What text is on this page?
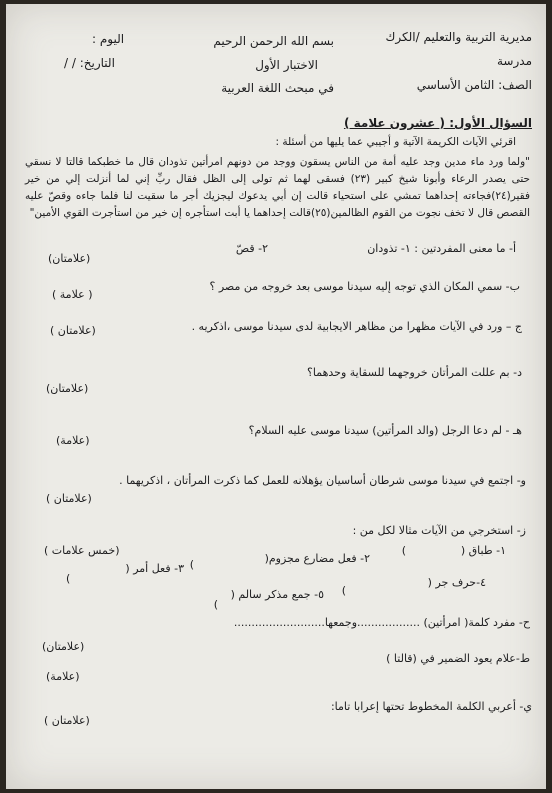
مديرية التربية والتعليم /الكرك
مدرسة
الصف: الثامن الأساسي
بسم الله الرحمن الرحيم
الاختبار الأول
في مبحث اللغة العربية
اليوم :
التاريخ: / /
السؤال الأول: ( عشرون علامة )
اقرئي الآيات الكريمة الآتية و أجيبي عما يليها من أسئلة :
"ولما ورد ماء مدين وجد عليه أمة من الناس يسقون ووجد من دونهم امرأتين تذودان قال ما خطبكما قالتا لا نسقي حتى يصدر الرعاء وأبونا شيخ كبير (٢٣) فسقى لهما ثم تولى إلى الظل فقال ربِّ إني لما أنزلت إلي من خير فقير(٢٤)فجاءته إحداهما تمشي على استحياء قالت إن أبي يدعوك ليجزيك أجر ما سقيت لنا فلما جاءه وقصّ عليه القصص قال لا تخف نجوت من القوم الظالمين(٢٥)قالت إحداهما يا أبت استأجره إن خير من استأجرت القوي الأمين"
أ- ما معنى المفردتين : ١- تذودان
٢- قصّ
(علامتان)
ب- سمي المكان الذي توجه إليه سيدنا موسى بعد خروجه من مصر ؟
( علامة )
ج – ورد في الآيات مظهرا من مظاهر الايجابية لدى سيدنا موسى ،اذكريه .
(علامتان )
د- بم عللت المرأتان خروجهما للسقاية وحدهما؟
(علامتان)
هـ - لم دعا الرجل (والد المرأتين) سيدنا موسى عليه السلام؟
(علامة)
و- اجتمع في سيدنا موسى شرطان أساسيان يؤهلانه للعمل كما ذكرت المرأتان ، اذكريهما .
(علامتان )
ز- استخرجي من الآيات مثالا لكل من :
(خمس علامات )	١- طباق (
)
٢- فعل مضارع مجزوم(
)
٣- فعل أمر (
)	٤-حرف جر (
)
٥- جمع مذكر سالم (
)
ح- مفرد كلمة( امرأتين) ..................وجمعها..........................
(علامتان)
ط-علام يعود الضمير في (قالتا )
(علامة)
ي- أعربي الكلمة المخطوط تحتها إعرابا تاما:
(علامتان )
